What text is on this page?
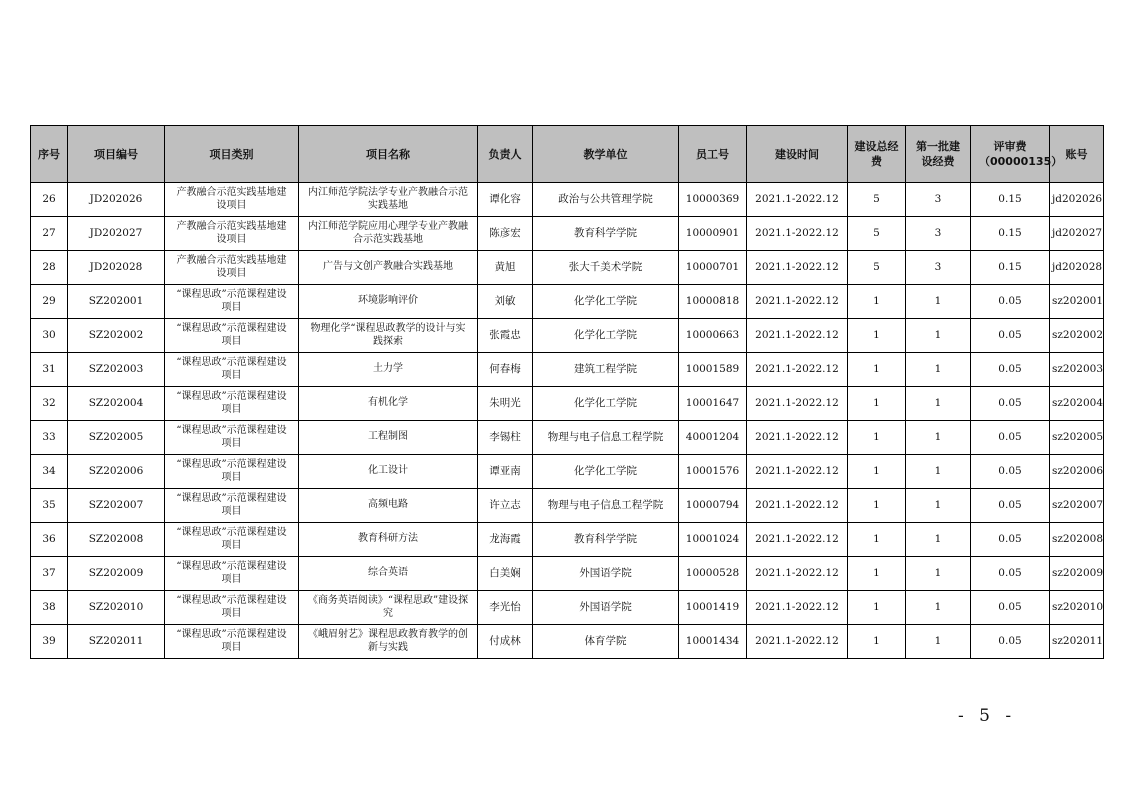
序号	项目编号	项目类别	项目名称	负责人	教学单位	员工号	建设时间	建设总经费	第一批建设经费	评审费（00000135）	账号
26	JD202026	产教融合示范实践基地建设项目	内江师范学院法学专业产教融合示范实践基地	谭化容	政治与公共管理学院	10000369	2021.1-2022.12	5	3	0.15	jd202026
27	JD202027	产教融合示范实践基地建设项目	内江师范学院应用心理学专业产教融合示范实践基地	陈彦宏	教育科学学院	10000901	2021.1-2022.12	5	3	0.15	jd202027
28	JD202028	产教融合示范实践基地建设项目	广告与文创产教融合实践基地	黄旭	张大千美术学院	10000701	2021.1-2022.12	5	3	0.15	jd202028
29	SZ202001	“课程思政”示范课程建设项目	环境影响评价	刘敏	化学化工学院	10000818	2021.1-2022.12	1	1	0.05	sz202001
30	SZ202002	“课程思政”示范课程建设项目	物理化学“课程思政教学的设计与实践探索	张霞忠	化学化工学院	10000663	2021.1-2022.12	1	1	0.05	sz202002
31	SZ202003	“课程思政”示范课程建设项目	土力学	何春梅	建筑工程学院	10001589	2021.1-2022.12	1	1	0.05	sz202003
32	SZ202004	“课程思政”示范课程建设项目	有机化学	朱明光	化学化工学院	10001647	2021.1-2022.12	1	1	0.05	sz202004
33	SZ202005	“课程思政”示范课程建设项目	工程制图	李锡柱	物理与电子信息工程学院	40001204	2021.1-2022.12	1	1	0.05	sz202005
34	SZ202006	“课程思政”示范课程建设项目	化工设计	谭亚南	化学化工学院	10001576	2021.1-2022.12	1	1	0.05	sz202006
35	SZ202007	“课程思政”示范课程建设项目	高频电路	许立志	物理与电子信息工程学院	10000794	2021.1-2022.12	1	1	0.05	sz202007
36	SZ202008	“课程思政”示范课程建设项目	教育科研方法	龙海霞	教育科学学院	10001024	2021.1-2022.12	1	1	0.05	sz202008
37	SZ202009	“课程思政”示范课程建设项目	综合英语	白美娴	外国语学院	10000528	2021.1-2022.12	1	1	0.05	sz202009
38	SZ202010	“课程思政”示范课程建设项目	《商务英语阅读》“课程思政”建设探究	李光怡	外国语学院	10001419	2021.1-2022.12	1	1	0.05	sz202010
39	SZ202011	“课程思政”示范课程建设项目	《峨眉射艺》课程思政教育教学的创新与实践	付成林	体育学院	10001434	2021.1-2022.12	1	1	0.05	sz202011
- 5 -
